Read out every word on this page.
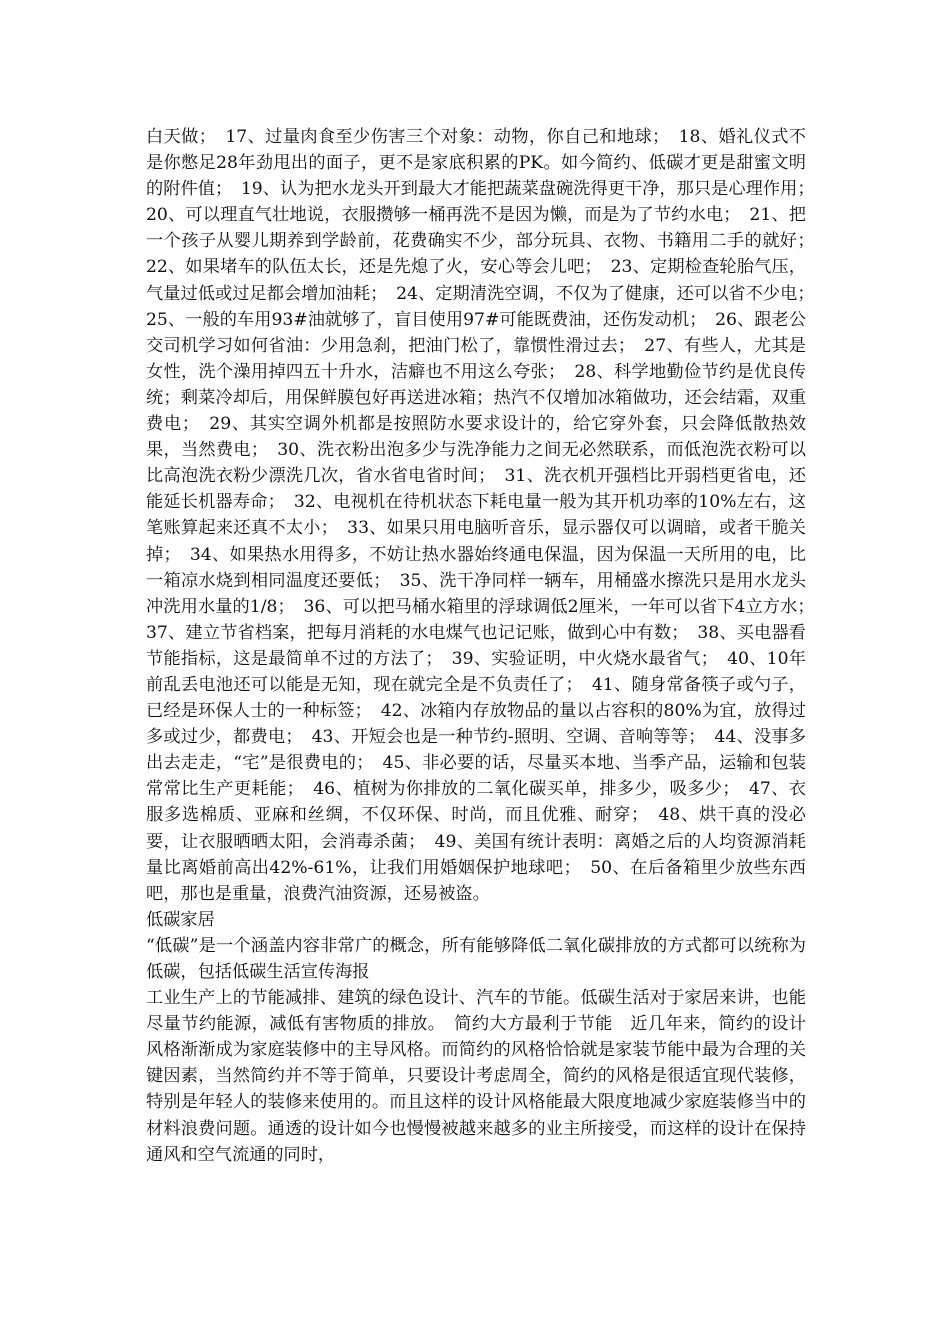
白天做；　17、过量肉食至少伤害三个对象：动物，你自己和地球；　18、婚礼仪式不是你憋足28年劲甩出的面子，更不是家底积累的PK。如今简约、低碳才更是甜蜜文明的附件值；　19、认为把水龙头开到最大才能把蔬菜盘碗洗得更干净，那只是心理作用；　20、可以理直气壮地说，衣服攒够一桶再洗不是因为懒，而是为了节约水电；　21、把一个孩子从婴儿期养到学龄前，花费确实不少，部分玩具、衣物、书籍用二手的就好；　22、如果堵车的队伍太长，还是先熄了火，安心等会儿吧；　23、定期检查轮胎气压，气量过低或过足都会增加油耗；　24、定期清洗空调，不仅为了健康，还可以省不少电；　25、一般的车用93#油就够了，盲目使用97#可能既费油，还伤发动机；　26、跟老公交司机学习如何省油：少用急刹，把油门松了，靠惯性滑过去；　27、有些人，尤其是女性，洗个澡用掉四五十升水，洁癖也不用这么夸张；　28、科学地勤俭节约是优良传统；剩菜冷却后，用保鲜膜包好再送进冰箱；热汽不仅增加冰箱做功，还会结霜，双重费电；　29、其实空调外机都是按照防水要求设计的，给它穿外套，只会降低散热效果，当然费电；　30、洗衣粉出泡多少与洗净能力之间无必然联系，而低泡洗衣粉可以比高泡洗衣粉少漂洗几次，省水省电省时间；　31、洗衣机开强档比开弱档更省电，还能延长机器寿命；　32、电视机在待机状态下耗电量一般为其开机功率的10%左右，这笔账算起来还真不太小；　33、如果只用电脑听音乐，显示器仅可以调暗，或者干脆关掉；　34、如果热水用得多，不妨让热水器始终通电保温，因为保温一天所用的电，比一箱凉水烧到相同温度还要低；　35、洗干净同样一辆车，用桶盛水擦洗只是用水龙头冲洗用水量的1/8；　36、可以把马桶水箱里的浮球调低2厘米，一年可以省下4立方水；　37、建立节省档案，把每月消耗的水电煤气也记记账，做到心中有数；　38、买电器看节能指标，这是最简单不过的方法了；　39、实验证明，中火烧水最省气；　40、10年前乱丢电池还可以能是无知，现在就完全是不负责任了；　41、随身常备筷子或勺子，已经是环保人士的一种标签；　42、冰箱内存放物品的量以占容积的80%为宜，放得过多或过少，都费电；　43、开短会也是一种节约-照明、空调、音响等等；　44、没事多出去走走，“宅”是很费电的；　45、非必要的话，尽量买本地、当季产品，运输和包装常常比生产更耗能；　46、植树为你排放的二氧化碳买单，排多少，吸多少；　47、衣服多选棉质、亚麻和丝绸，不仅环保、时尚，而且优雅、耐穿；　48、烘干真的没必要，让衣服晒晒太阳，会消毒杀菌；　49、美国有统计表明：离婚之后的人均资源消耗量比离婚前高出42%-61%，让我们用婚姻保护地球吧；　50、在后备箱里少放些东西吧，那也是重量，浪费汽油资源，还易被盗。

低碳家居

“低碳”是一个涵盖内容非常广的概念，所有能够降低二氧化碳排放的方式都可以统称为低碳，包括低碳生活宣传海报

工业生产上的节能减排、建筑的绿色设计、汽车的节能。低碳生活对于家居来讲，也能尽量节约能源，减低有害物质的排放。　简约大方最利于节能　近几年来，简约的设计风格渐渐成为家庭装修中的主导风格。而简约的风格恰恰就是家装节能中最为合理的关键因素，当然简约并不等于简单，只要设计考虑周全，简约的风格是很适宜现代装修，特别是年轻人的装修来使用的。而且这样的设计风格能最大限度地减少家庭装修当中的材料浪费问题。通透的设计如今也慢慢被越来越多的业主所接受，而这样的设计在保持通风和空气流通的同时，
